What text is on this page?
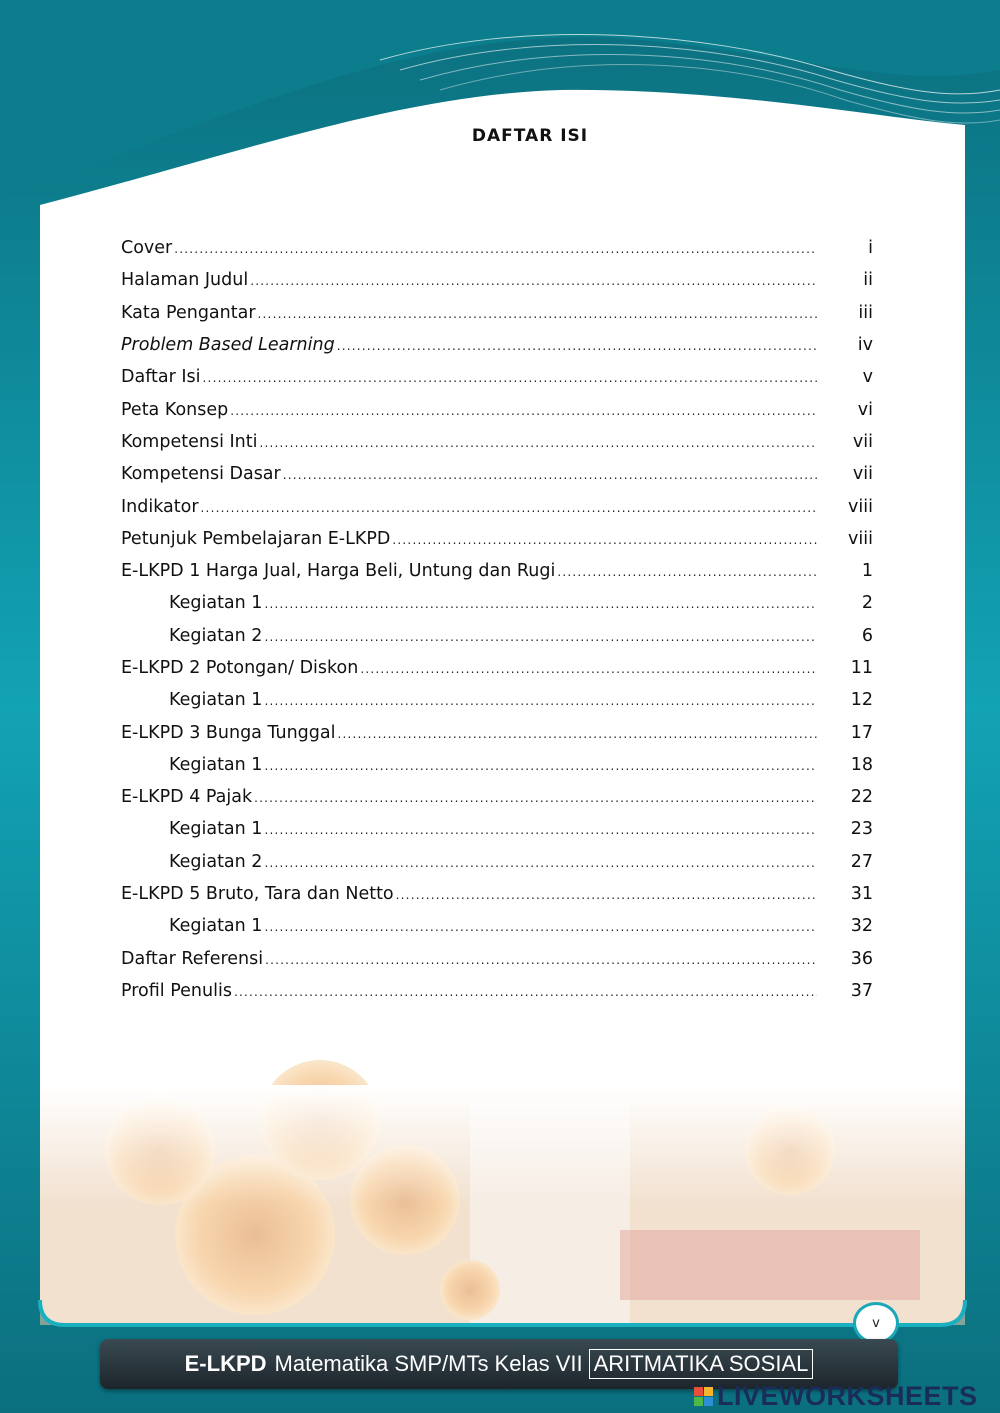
DAFTAR ISI
Cover .....	i
Halaman Judul .....	ii
Kata Pengantar .....	iii
Problem Based Learning .....	iv
Daftar Isi .....	v
Peta Konsep .....	vi
Kompetensi Inti .....	vii
Kompetensi Dasar .....	vii
Indikator .....	viii
Petunjuk Pembelajaran E-LKPD .....	viii
E-LKPD 1 Harga Jual, Harga Beli, Untung dan Rugi .....	1
Kegiatan 1 .....	2
Kegiatan 2 .....	6
E-LKPD 2 Potongan/ Diskon .....	11
Kegiatan 1 .....	12
E-LKPD 3 Bunga Tunggal .....	17
Kegiatan 1 .....	18
E-LKPD 4 Pajak .....	22
Kegiatan 1 .....	23
Kegiatan 2 .....	27
E-LKPD 5 Bruto, Tara dan Netto .....	31
Kegiatan 1 .....	32
Daftar Referensi .....	36
Profil Penulis .....	37
v
E-LKPD Matematika SMP/MTs Kelas VII ARITMATIKA SOSIAL
LIVEWORKSHEETS
